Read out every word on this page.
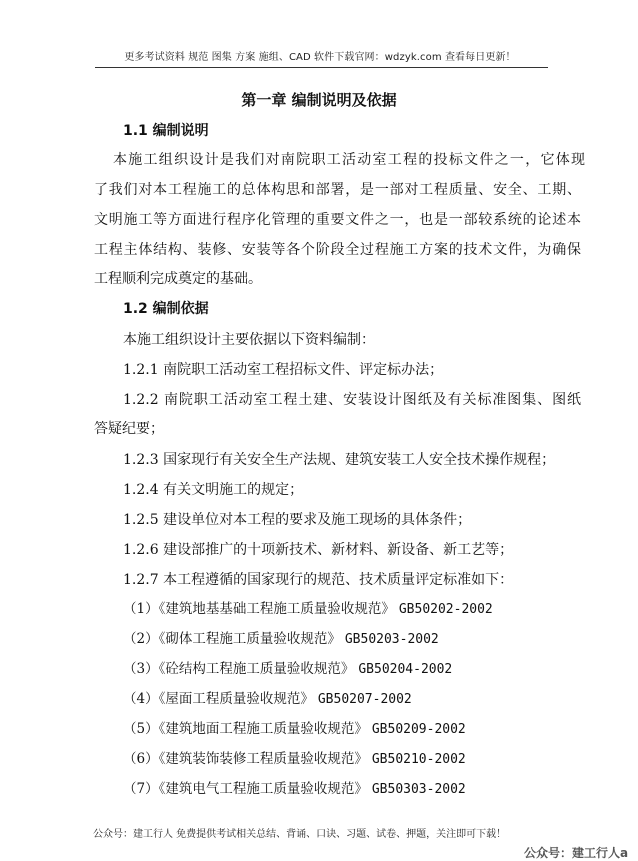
更多考试资料 规范 图集 方案 施组、CAD 软件下载官网：wdzyk.com 查看每日更新！
第一章 编制说明及依据
1.1 编制说明
本施工组织设计是我们对南院职工活动室工程的投标文件之一，它体现
了我们对本工程施工的总体构思和部署，是一部对工程质量、安全、工期、
文明施工等方面进行程序化管理的重要文件之一，也是一部较系统的论述本
工程主体结构、装修、安装等各个阶段全过程施工方案的技术文件，为确保
工程顺利完成奠定的基础。
1.2 编制依据
本施工组织设计主要依据以下资料编制：
1.2.1 南院职工活动室工程招标文件、评定标办法；
1.2.2 南院职工活动室工程土建、安装设计图纸及有关标准图集、图纸
答疑纪要；
1.2.3 国家现行有关安全生产法规、建筑安装工人安全技术操作规程；
1.2.4 有关文明施工的规定；
1.2.5 建设单位对本工程的要求及施工现场的具体条件；
1.2.6 建设部推广的十项新技术、新材料、新设备、新工艺等；
1.2.7 本工程遵循的国家现行的规范、技术质量评定标准如下：
（1）《建筑地基基础工程施工质量验收规范》 GB50202-2002
（2）《砌体工程施工质量验收规范》 GB50203-2002
（3）《砼结构工程施工质量验收规范》 GB50204-2002
（4）《屋面工程质量验收规范》 GB50207-2002
（5）《建筑地面工程施工质量验收规范》 GB50209-2002
（6）《建筑装饰装修工程质量验收规范》 GB50210-2002
（7）《建筑电气工程施工质量验收规范》 GB50303-2002
公众号：建工行人 免费提供考试相关总结、背诵、口诀、习题、试卷、押题，关注即可下载！
公众号：建工行人a
